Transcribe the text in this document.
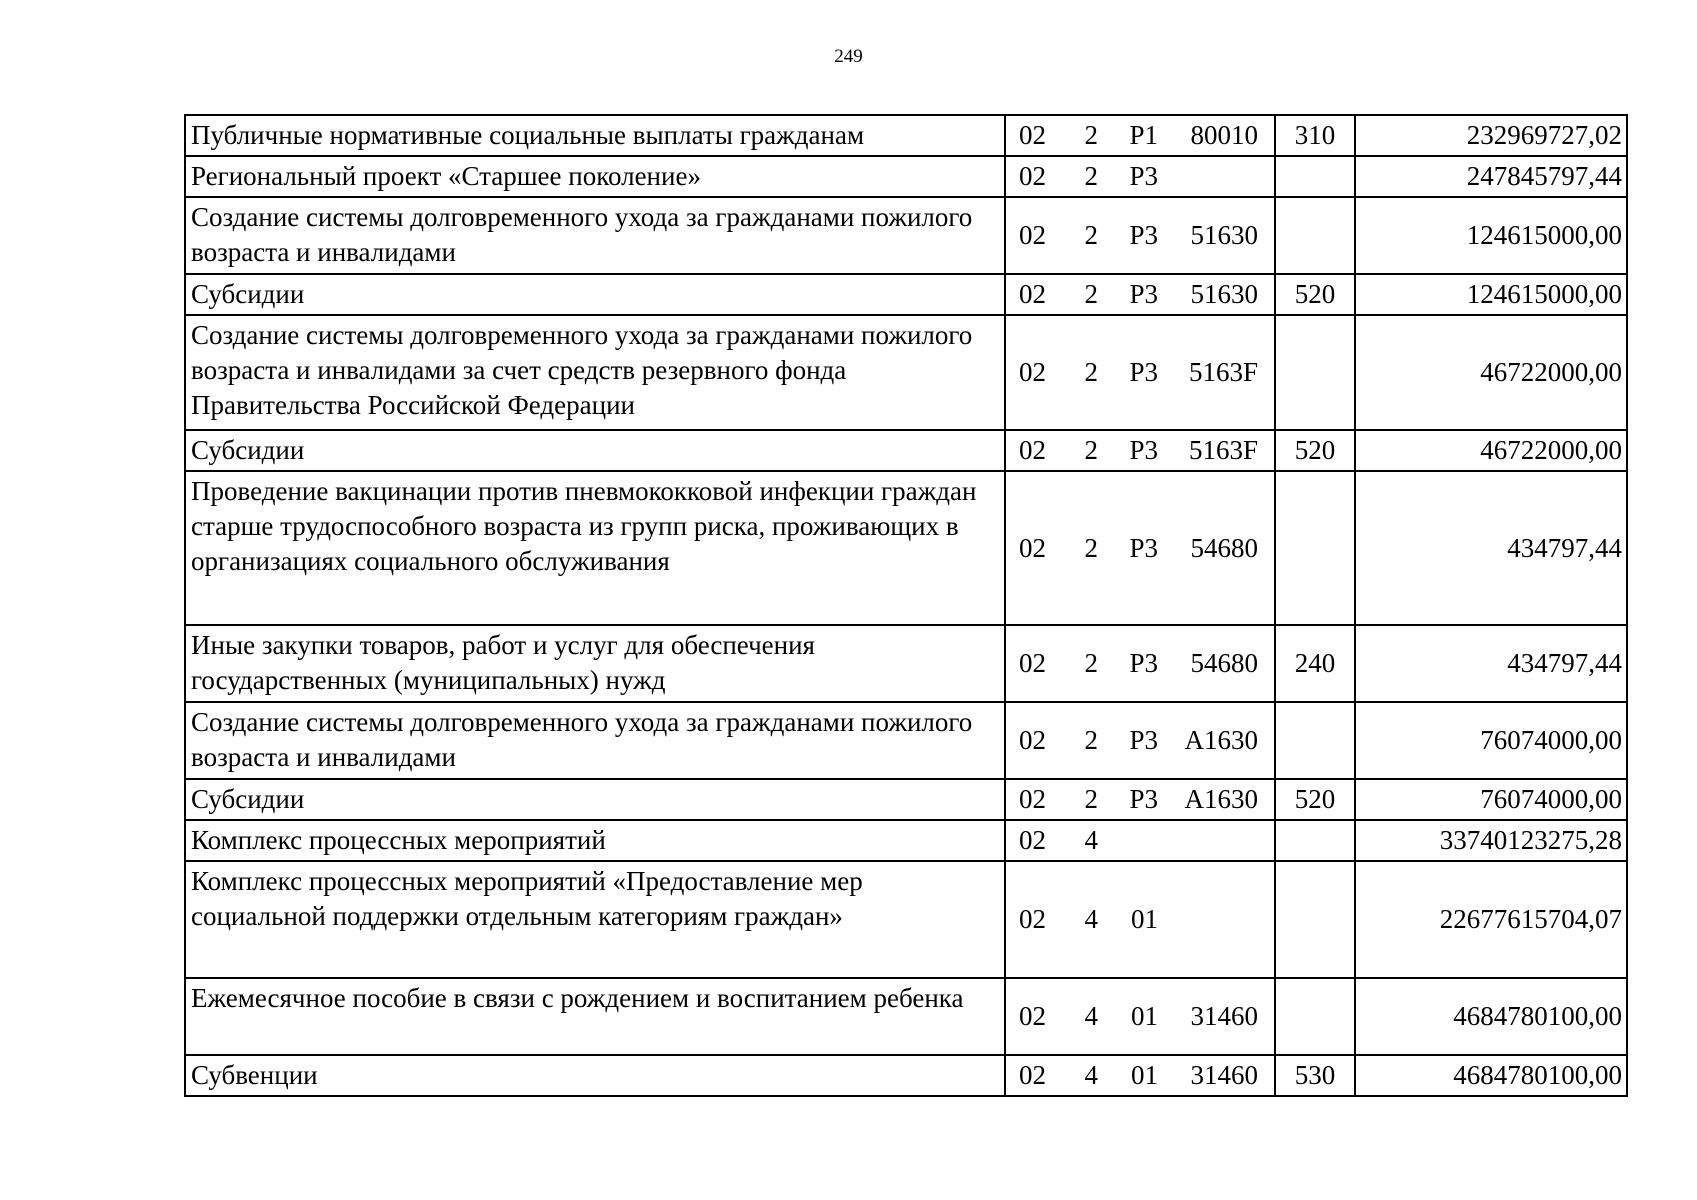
249
Публичные нормативные социальные выплаты гражданам	02 2 P1 80010	310	232969727,02
Региональный проект «Старшее поколение»	02 2 P3		247845797,44
Создание системы долговременного ухода за гражданами пожилого возраста и инвалидами	02 2 P3 51630		124615000,00
Субсидии	02 2 P3 51630	520	124615000,00
Создание системы долговременного ухода за гражданами пожилого возраста и инвалидами за счет средств резервного фонда Правительства Российской Федерации	02 2 P3 5163F		46722000,00
Субсидии	02 2 P3 5163F	520	46722000,00
Проведение вакцинации против пневмококковой инфекции граждан старше трудоспособного возраста из групп риска, проживающих в организациях социального обслуживания	02 2 P3 54680		434797,44
Иные закупки товаров, работ и услуг для обеспечения государственных (муниципальных) нужд	02 2 P3 54680	240	434797,44
Создание системы долговременного ухода за гражданами пожилого возраста и инвалидами	02 2 P3 А1630		76074000,00
Субсидии	02 2 P3 А1630	520	76074000,00
Комплекс процессных мероприятий	02 4		33740123275,28
Комплекс процессных мероприятий «Предоставление мер социальной поддержки отдельным категориям граждан»	02 4 01		22677615704,07
Ежемесячное пособие в связи с рождением и воспитанием ребенка	02 4 01 31460		4684780100,00
Субвенции	02 4 01 31460	530	4684780100,00
